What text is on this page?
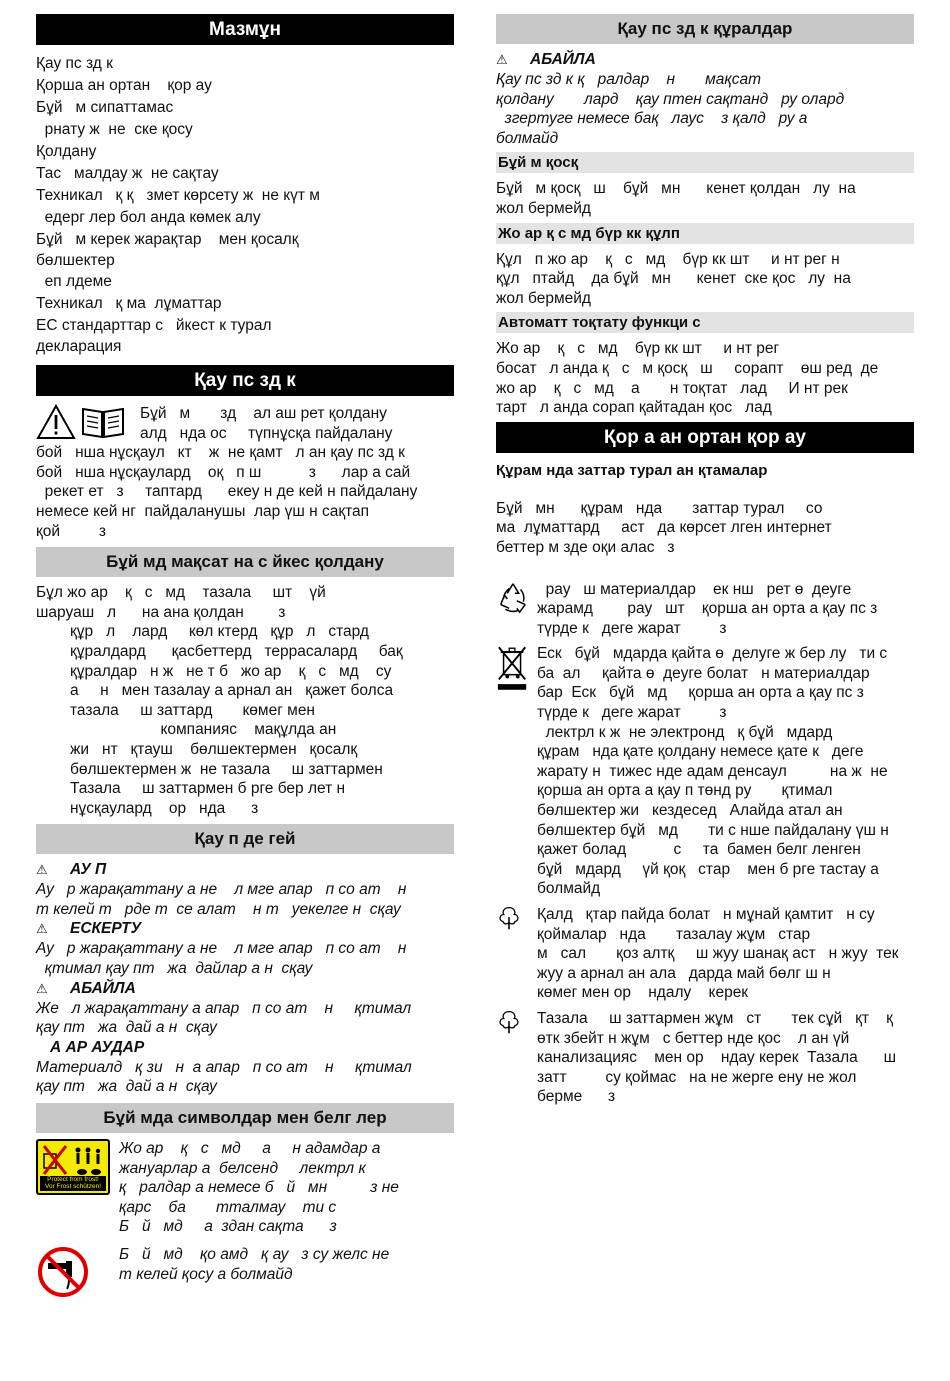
Мазмұн
Қау пс зд к
Қорша ан ортан    қор ау
Бұй   м сипаттамас
рнату ж  не  ске қосу
Қолдану
Тас   малдау ж  не сақтау
Техникал   қ қ   змет көрсету ж  не күт м
едерг лер бол анда көмек алу
Бұй   м керек жарақтар    мен қосалқ
бөлшектер
еп лдеме
Техникал   қ ма  лұматтар
ЕС стандарттар с   йкест к турал
декларация
Қау пс зд к
Бұй   м       зд    ал аш рет қолдану
алд   нда ос     түпнұсқа пайдалану
бой   нша нұсқаул   кт    ж  не қамт   л ан қау пс зд к
бой   нша нұсқаулард    оқ   п ш           з      лар а сай
рекет ет   з     таптард      екеу н де кей н пайдалану
немесе кей нг  пайдаланушы  лар үш н сақтап
қой         з
Бұй мд мақсат на с йкес қолдану
Бұл жо ар    қ   с   мд    тазала     шт    үй
шаруаш   л      на ана қолдан        з
құр   л    лард     көл ктерд   құр   л   стард
құралдард      қасбеттерд   террасалард     бақ
құралдар   н ж   не т б   жо ар    қ   с   мд    су
а     н   мен тазалау а арнал ан   қажет болса
тазала     ш заттард       көмег мен
компанияс    мақұлда ан
жи   нт   қтауш    бөлшектермен   қосалқ
бөлшектермен ж  не тазала     ш заттармен
Тазала     ш заттармен б рге бер лет н
нұсқаулард    ор   нда      з
Қау п де гей
⚠ АУ П
Ау   р жарақаттану а не    л мге апар   п со ат    н
т келей т   рде т  се алат    н т   уекелге н  сқау
⚠ ЕСКЕРТУ
Ау   р жарақаттану а не    л мге апар   п со ат    н
қтимал қау пт   жа  дайлар а н  сқау
⚠ АБАЙЛА
Же   л жарақаттану а апар   п со ат    н     қтимал
қау пт   жа  дай а н  сқау
А АР АУДАР
Материалд   қ зи   н  а апар   п со ат    н     қтимал
қау пт   жа  дай а н  сқау
Бұй мда символдар мен белг лер
Protect from frost!
Vor Frost schützen!
Жо ар    қ   с   мд     а     н адамдар а
жануарлар а  белсенд     лектрл к
қ   ралдар а немесе б   й   мн          з не
қарс    ба       тталмау    ти с
Б   й   мд     а  здан сақта      з
Б   й   мд    қо амд   қ ау   з су желс не
т келей қосу а болмайд
Қау пс зд к құралдар
⚠ АБАЙЛА
Қау пс зд к қ   ралдар    н       мақсат
қолдану       лард    қау птен сақтанд   ру олард
згертуге немесе бақ   лаус    з қалд   ру а
болмайд
Бұй м қосқ
Бұй   м қосқ   ш    бұй   мн      кенет қолдан   лу  на
жол бермейд
Жо ар қ с мд бүр кк құлп
Құл   п жо ар    қ   с   мд    бүр кк шт     и нт рег н
құл   птайд    да бұй   мн      кенет  ске қос   лу  на
жол бермейд
Автоматт тоқтату функци с
Жо ар    қ   с   мд    бүр кк шт     и нт рег
босат   л анда қ   с   м қосқ   ш     сорапт    өш ред  де
жо ар    қ   с   мд    а       н тоқтат   лад     И нт рек
тарт   л анда сорап қайтадан қос   лад
Қор а ан ортан қор ау
Құрам нда заттар турал ан қтамалар
Бұй   мн      құрам   нда       заттар турал     со
ма  лұматтард     аст   да көрсет лген интернет
беттер м зде оқи алас   з
рау   ш материалдар    ек нш   рет ө  деуге
жарамд        рау   шт    қорша ан орта а қау пс з
түрде к   деге жарат         з
Еск   бұй   мдарда қайта ө  делуге ж бер лу   ти с
ба  ал     қайта ө  деуге болат   н материалдар
бар  Еск   бұй   мд     қорша ан орта а қау пс з
түрде к   деге жарат         з
лектрл к ж  не электронд   қ бұй   мдард
құрам   нда қате қолдану немесе қате к   деге
жарату н  тижес нде адам денсаул          на ж  не
қорша ан орта а қау п төнд ру       қтимал
бөлшектер жи   кездесед   Алайда атал ан
бөлшектер бұй   мд       ти с нше пайдалану үш н
қажет болад           с     та  бамен белг ленген
бұй   мдард     үй қоқ   стар    мен б рге тастау а
болмайд
Қалд   қтар пайда болат   н мұнай қамтит   н су
қоймалар   нда       тазалау жұм   стар
м   сал       қоз алтқ     ш жуу шанақ аст   н жуу  тек
жуу а арнал ан ала   дарда май бөлг ш н
көмег мен ор    ндалу    керек
Тазала     ш заттармен жұм   ст       тек сұй   қт    қ
өтк збейт н жұм   с беттер нде қос    л ан үй
канализацияс    мен ор    ндау керек  Тазала      ш
затт         су қоймас   на не жерге ену не жол
берме      з
